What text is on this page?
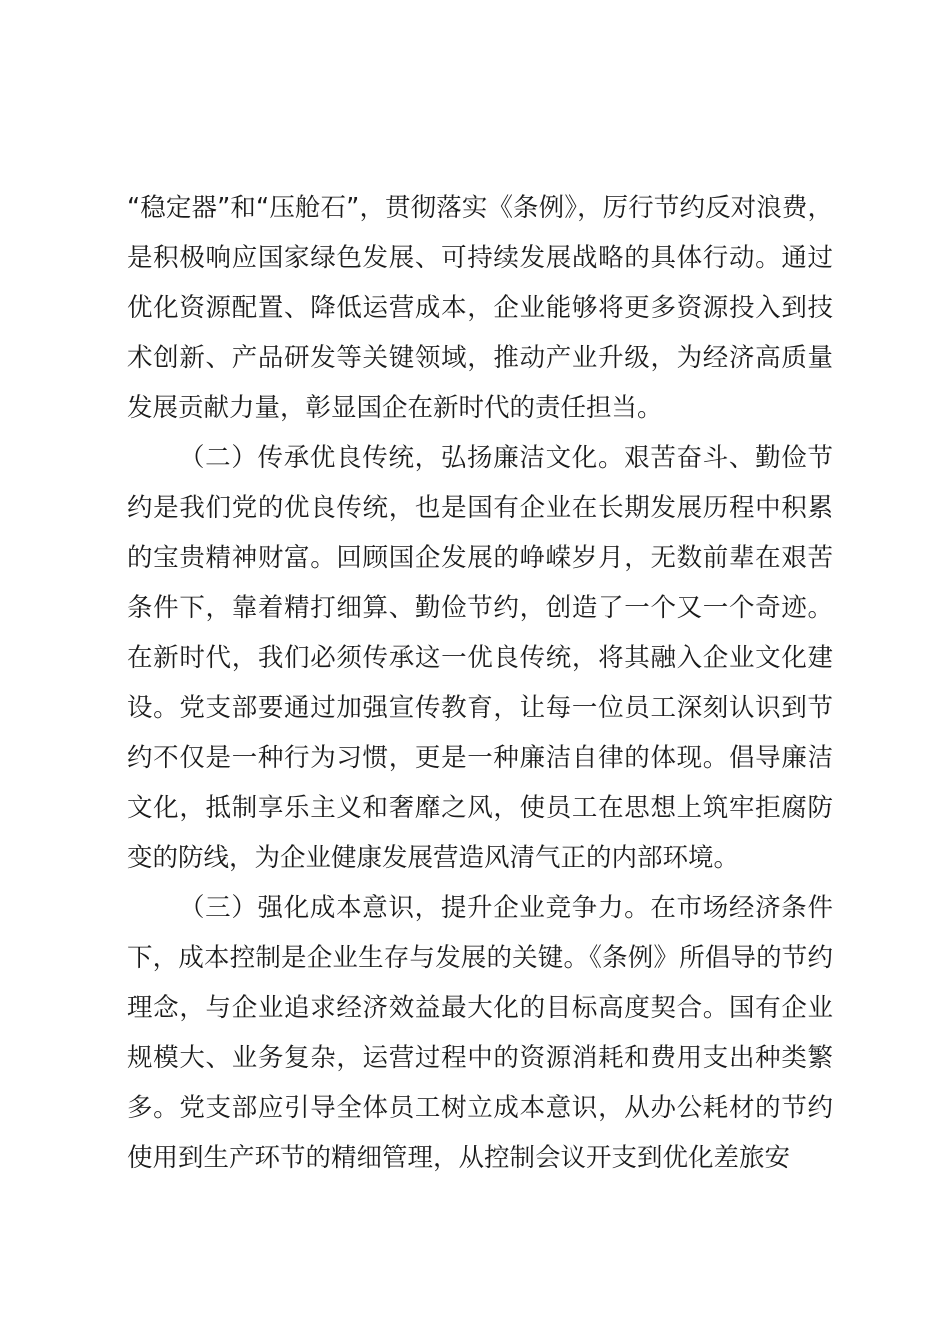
“稳定器”和“压舱石”，贯彻落实《条例》，厉行节约反对浪费，是积极响应国家绿色发展、可持续发展战略的具体行动。通过优化资源配置、降低运营成本，企业能够将更多资源投入到技术创新、产品研发等关键领域，推动产业升级，为经济高质量发展贡献力量，彰显国企在新时代的责任担当。

（二）传承优良传统，弘扬廉洁文化。艰苦奋斗、勤俭节约是我们党的优良传统，也是国有企业在长期发展历程中积累的宝贵精神财富。回顾国企发展的峥嵘岁月，无数前辈在艰苦条件下，靠着精打细算、勤俭节约，创造了一个又一个奇迹。在新时代，我们必须传承这一优良传统，将其融入企业文化建设。党支部要通过加强宣传教育，让每一位员工深刻认识到节约不仅是一种行为习惯，更是一种廉洁自律的体现。倡导廉洁文化，抵制享乐主义和奢靡之风，使员工在思想上筑牢拒腐防变的防线，为企业健康发展营造风清气正的内部环境。

（三）强化成本意识，提升企业竞争力。在市场经济条件下，成本控制是企业生存与发展的关键。《条例》所倡导的节约理念，与企业追求经济效益最大化的目标高度契合。国有企业规模大、业务复杂，运营过程中的资源消耗和费用支出种类繁多。党支部应引导全体员工树立成本意识，从办公耗材的节约使用到生产环节的精细管理，从控制会议开支到优化差旅安
